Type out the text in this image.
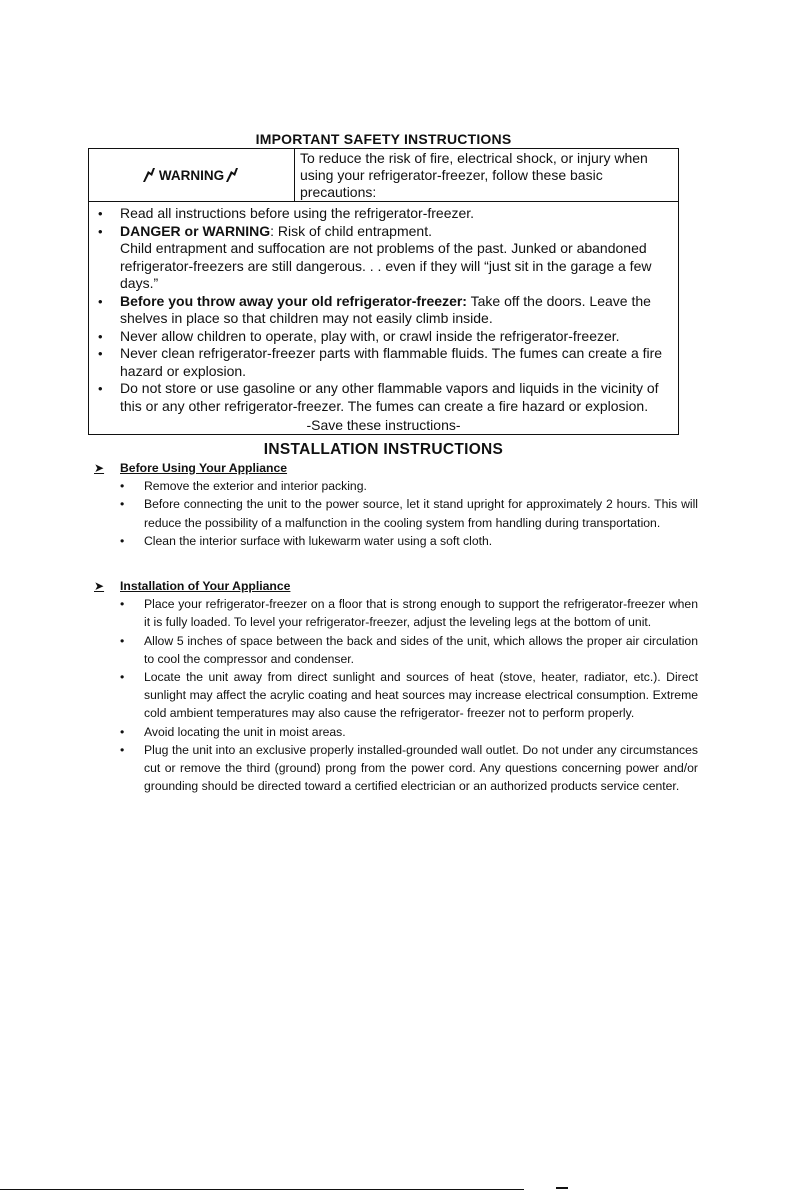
IMPORTANT SAFETY INSTRUCTIONS
WARNING
To reduce the risk of fire, electrical shock, or injury when using your refrigerator-freezer, follow these basic precautions:
• Read all instructions before using the refrigerator-freezer.
• DANGER or WARNING: Risk of child entrapment.
Child entrapment and suffocation are not problems of the past. Junked or abandoned refrigerator-freezers are still dangerous. . . even if they will “just sit in the garage a few days.”
• Before you throw away your old refrigerator-freezer: Take off the doors. Leave the shelves in place so that children may not easily climb inside.
• Never allow children to operate, play with, or crawl inside the refrigerator-freezer.
• Never clean refrigerator-freezer parts with flammable fluids. The fumes can create a fire hazard or explosion.
• Do not store or use gasoline or any other flammable vapors and liquids in the vicinity of this or any other refrigerator-freezer. The fumes can create a fire hazard or explosion.
-Save these instructions-
INSTALLATION INSTRUCTIONS
➤	Before Using Your Appliance
• Remove the exterior and interior packing.
• Before connecting the unit to the power source, let it stand upright for approximately 2 hours. This will reduce the possibility of a malfunction in the cooling system from handling during transportation.
• Clean the interior surface with lukewarm water using a soft cloth.
➤	Installation of Your Appliance
• Place your refrigerator-freezer on a floor that is strong enough to support the refrigerator-freezer when it is fully loaded. To level your refrigerator-freezer, adjust the leveling legs at the bottom of unit.
• Allow 5 inches of space between the back and sides of the unit, which allows the proper air circulation to cool the compressor and condenser.
• Locate the unit away from direct sunlight and sources of heat (stove, heater, radiator, etc.). Direct sunlight may affect the acrylic coating and heat sources may increase electrical consumption. Extreme cold ambient temperatures may also cause the refrigerator- freezer not to perform properly.
• Avoid locating the unit in moist areas.
• Plug the unit into an exclusive properly installed-grounded wall outlet. Do not under any circumstances cut or remove the third (ground) prong from the power cord. Any questions concerning power and/or grounding should be directed toward a certified electrician or an authorized products service center.
